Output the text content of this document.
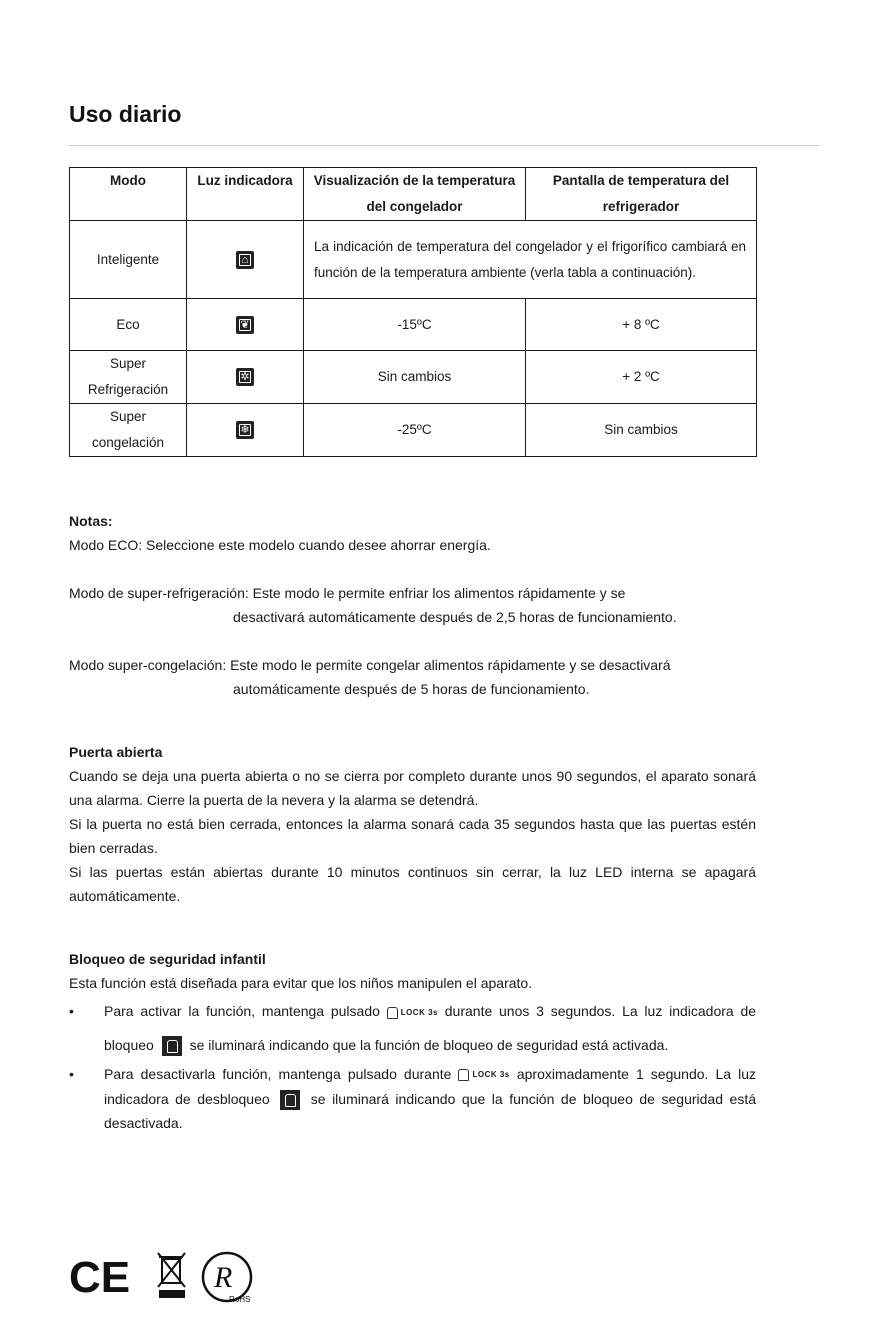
Uso diario
Modo	Luz indicadora	Visualización de la temperatura del congelador	Pantalla de temperatura del refrigerador
Inteligente	⌂	La indicación de temperatura del congelador y el frigorífico cambiará en función de la temperatura ambiente (verla tabla a continuación).	
Eco	❦	-15ºC	+ 8 ºC
Super Refrigeración	✲	Sin cambios	+ 2 ºC
Super congelación	❄	-25ºC	Sin cambios

Notas:

Modo ECO: Seleccione este modelo cuando desee ahorrar energía.

Modo de super-refrigeración: Este modo le permite enfriar los alimentos rápidamente y se

desactivará automáticamente después de 2,5 horas de funcionamiento.

Modo super-congelación: Este modo le permite congelar alimentos rápidamente y se desactivará

automáticamente después de 5 horas de funcionamiento.

Puerta abierta

Cuando se deja una puerta abierta o no se cierra por completo durante unos 90 segundos, el aparato sonará una alarma. Cierre la puerta de la nevera y la alarma se detendrá.

Si la puerta no está bien cerrada, entonces la alarma sonará cada 35 segundos hasta que las puertas estén bien cerradas.

Si las puertas están abiertas durante 10 minutos continuos sin cerrar, la luz LED interna se apagará automáticamente.

Bloqueo de seguridad infantil

Esta función está diseñada para evitar que los niños manipulen el aparato.

• Para activar la función, mantenga pulsado	LOCK 3s durante unos 3 segundos. La luz indicadora de bloqueo	se iluminará indicando que la función de bloqueo de seguridad está activada.
• Para desactivarla función, mantenga pulsado durante	LOCK 3s aproximadamente 1 segundo. La luz indicadora de desbloqueo	se iluminará indicando que la función de bloqueo de seguridad está desactivada.
CE	R
RoHS
